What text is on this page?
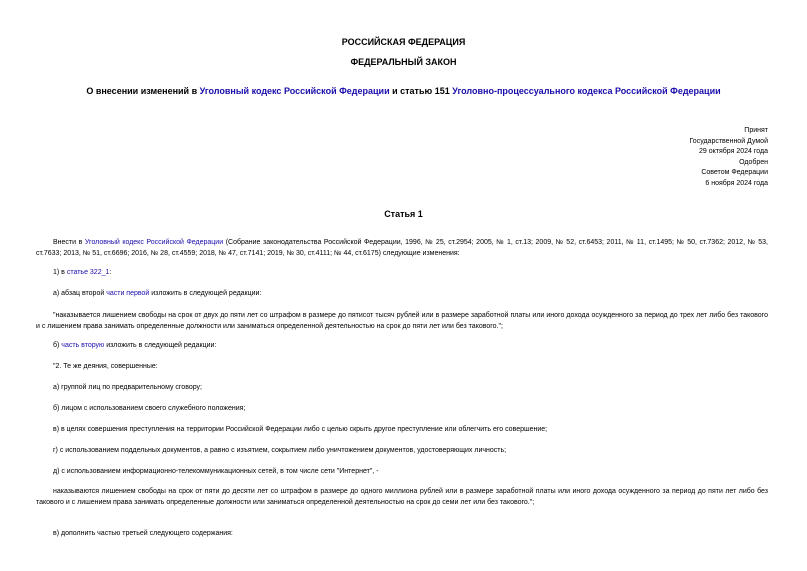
РОССИЙСКАЯ ФЕДЕРАЦИЯ
ФЕДЕРАЛЬНЫЙ ЗАКОН
О внесении изменений в Уголовный кодекс Российской Федерации и статью 151 Уголовно-процессуального кодекса Российской Федерации
Принят
Государственной Думой
29 октября 2024 года
Одобрен
Советом Федерации
6 ноября 2024 года
Статья 1
Внести в Уголовный кодекс Российской Федерации (Собрание законодательства Российской Федерации, 1996, № 25, ст.2954; 2005, № 1, ст.13; 2009, № 52, ст.6453; 2011, № 11, ст.1495; № 50, ст.7362; 2012, № 53, ст.7633; 2013, № 51, ст.6696; 2016, № 28, ст.4559; 2018, № 47, ст.7141; 2019, № 30, ст.4111; № 44, ст.6175) следующие изменения:
1) в статье 322_1:
а) абзац второй части первой изложить в следующей редакции:
"наказывается лишением свободы на срок от двух до пяти лет со штрафом в размере до пятисот тысяч рублей или в размере заработной платы или иного дохода осужденного за период до трех лет либо без такового и с лишением права занимать определенные должности или заниматься определенной деятельностью на срок до пяти лет или без такового.";
б) часть вторую изложить в следующей редакции:
"2. Те же деяния, совершенные:
а) группой лиц по предварительному сговору;
б) лицом с использованием своего служебного положения;
в) в целях совершения преступления на территории Российской Федерации либо с целью скрыть другое преступление или облегчить его совершение;
г) с использованием поддельных документов, а равно с изъятием, сокрытием либо уничтожением документов, удостоверяющих личность;
д) с использованием информационно-телекоммуникационных сетей, в том числе сети "Интернет", -
наказываются лишением свободы на срок от пяти до десяти лет со штрафом в размере до одного миллиона рублей или в размере заработной платы или иного дохода осужденного за период до пяти лет либо без такового и с лишением права занимать определенные должности или заниматься определенной деятельностью на срок до семи лет или без такового.";
в) дополнить частью третьей следующего содержания:
